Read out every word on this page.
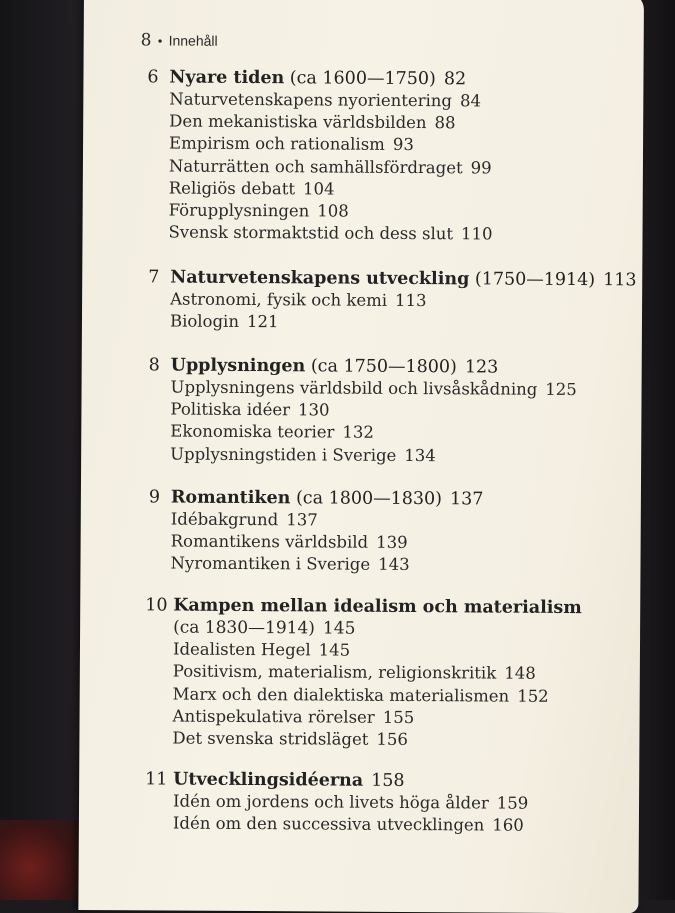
8 • Innehåll
6 Nyare tiden (ca 1600—1750) 82
Naturvetenskapens nyorientering 84
Den mekanistiska världsbilden 88
Empirism och rationalism 93
Naturrätten och samhällsfördraget 99
Religiös debatt 104
Förupplysningen 108
Svensk stormaktstid och dess slut 110
7 Naturvetenskapens utveckling (1750—1914) 113
Astronomi, fysik och kemi 113
Biologin 121
8 Upplysningen (ca 1750—1800) 123
Upplysningens världsbild och livsåskådning 125
Politiska idéer 130
Ekonomiska teorier 132
Upplysningstiden i Sverige 134
9 Romantiken (ca 1800—1830) 137
Idébakgrund 137
Romantikens världsbild 139
Nyromantiken i Sverige 143
10 Kampen mellan idealism och materialism
(ca 1830—1914) 145
Idealisten Hegel 145
Positivism, materialism, religionskritik 148
Marx och den dialektiska materialismen 152
Antispekulativa rörelser 155
Det svenska stridsläget 156
11 Utvecklingsidéerna 158
Idén om jordens och livets höga ålder 159
Idén om den successiva utvecklingen 160
